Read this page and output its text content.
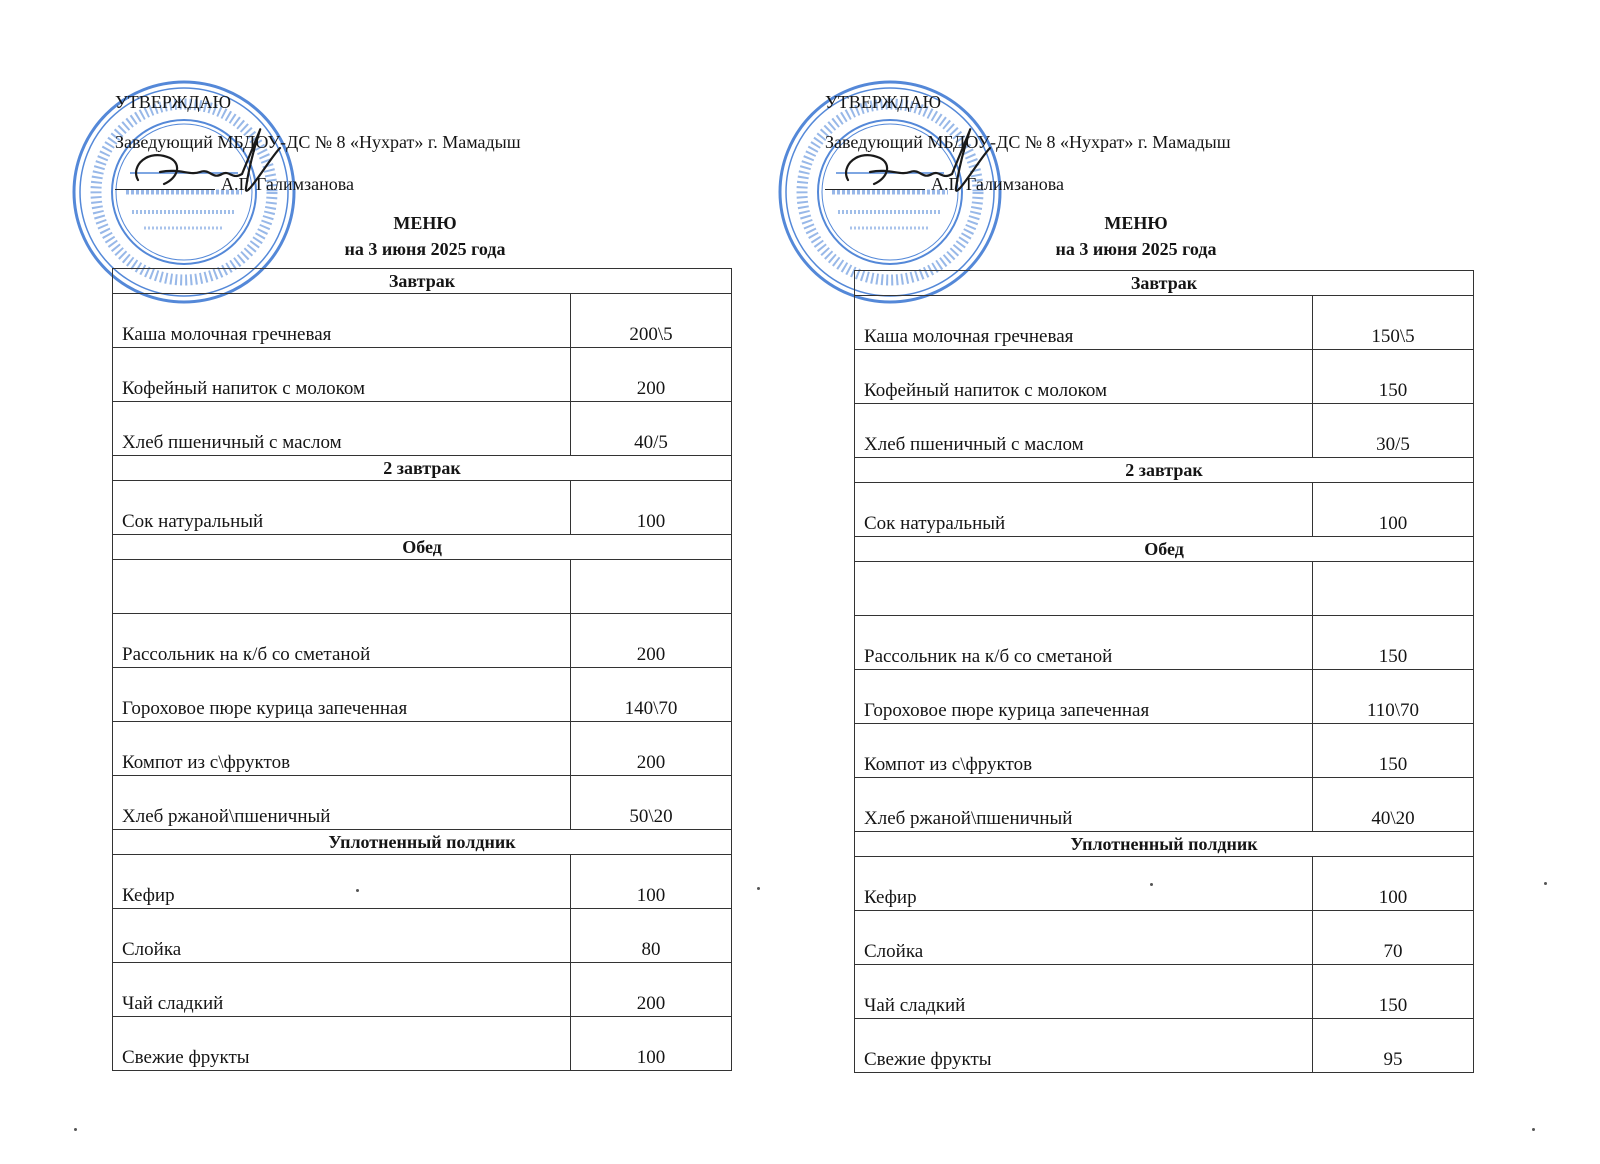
УТВЕРЖДАЮ
Заведующий МБДОУ-ДС № 8 «Нухрат» г. Мамадыш
А.Г. Галимзанова
МЕНЮ
на 3 июня 2025 года
Завтрак	
Каша молочная гречневая	200\5
Кофейный напиток с молоком	200
Хлеб пшеничный с маслом	40/5
2 завтрак	
Сок натуральный	100
Обед	

Рассольник на к/б со сметаной	200
Гороховое пюре курица запеченная	140\70
Компот из с\фруктов	200
Хлеб ржаной\пшеничный	50\20
Уплотненный полдник	
Кефир	100
Слойка	80
Чай сладкий	200
Свежие фрукты	100
УТВЕРЖДАЮ
Заведующий МБДОУ-ДС № 8 «Нухрат» г. Мамадыш
А.Г. Галимзанова
МЕНЮ
на 3 июня 2025 года
Завтрак	
Каша молочная гречневая	150\5
Кофейный напиток с молоком	150
Хлеб пшеничный с маслом	30/5
2 завтрак	
Сок натуральный	100
Обед	

Рассольник на к/б со сметаной	150
Гороховое пюре курица запеченная	110\70
Компот из с\фруктов	150
Хлеб ржаной\пшеничный	40\20
Уплотненный полдник	
Кефир	100
Слойка	70
Чай сладкий	150
Свежие фрукты	95
